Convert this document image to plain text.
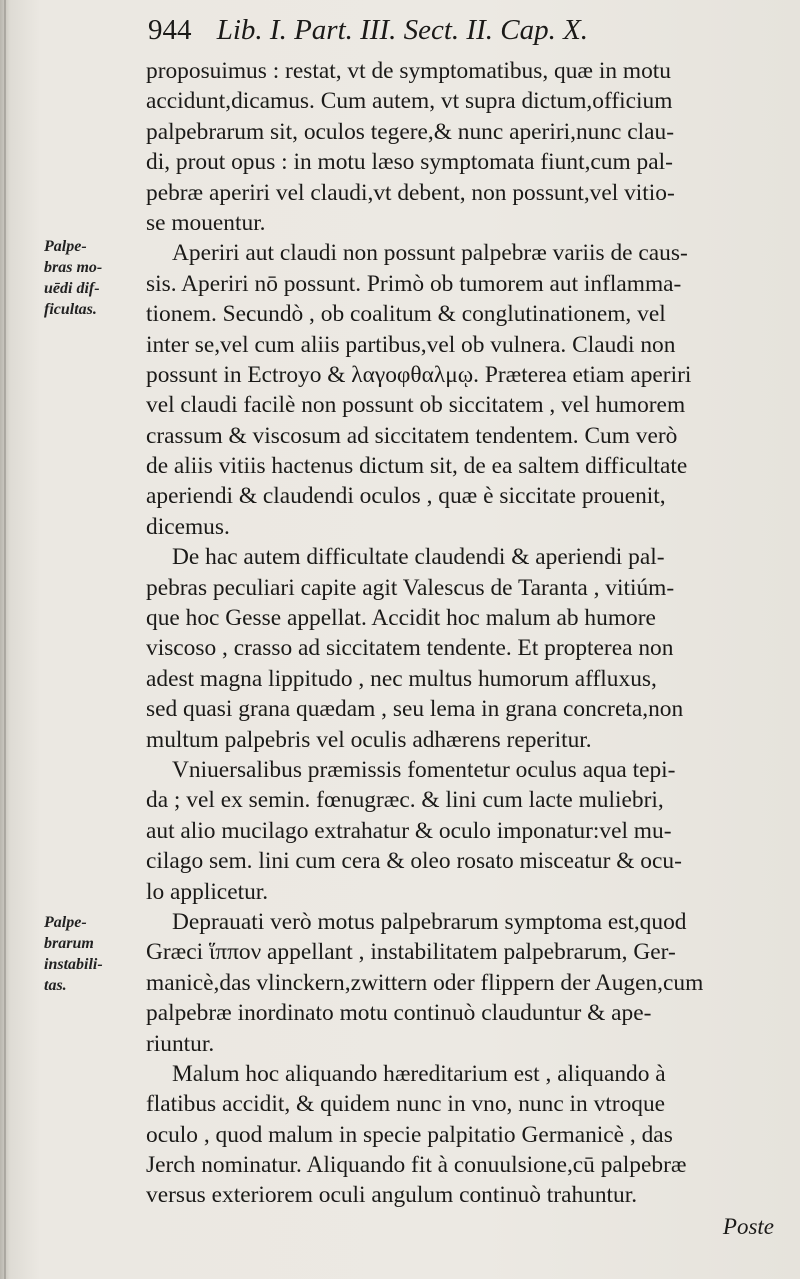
944 Lib. I. Part. III. Sect. II. Cap. X.
Palpe-
bras mo-
uēdi dif-
ficultas.
Palpe-
brarum
instabili-
tas.
proposuimus : restat, vt de symptomatibus, quæ in motu
accidunt,dicamus. Cum autem, vt supra dictum,officium
palpebrarum sit, oculos tegere,& nunc aperiri,nunc clau-
di, prout opus : in motu læso symptomata fiunt,cum pal-
pebræ aperiri vel claudi,vt debent, non possunt,vel vitio-
se mouentur.
Aperiri aut claudi non possunt palpebræ variis de caus-
sis. Aperiri nō possunt. Primò ob tumorem aut inflamma-
tionem. Secundò , ob coalitum & conglutinationem, vel
inter se,vel cum aliis partibus,vel ob vulnera. Claudi non
possunt in Ectroyo & λαγοφθαλμῳ. Præterea etiam aperiri
vel claudi facilè non possunt ob siccitatem , vel humorem
crassum & viscosum ad siccitatem tendentem. Cum verò
de aliis vitiis hactenus dictum sit, de ea saltem difficultate
aperiendi & claudendi oculos , quæ è siccitate prouenit,
dicemus.
De hac autem difficultate claudendi & aperiendi pal-
pebras peculiari capite agit Valescus de Taranta , vitiúm-
que hoc Gesse appellat. Accidit hoc malum ab humore
viscoso , crasso ad siccitatem tendente. Et propterea non
adest magna lippitudo , nec multus humorum affluxus,
sed quasi grana quædam , seu lema in grana concreta,non
multum palpebris vel oculis adhærens reperitur.
Vniuersalibus præmissis fomentetur oculus aqua tepi-
da ; vel ex semin. fœnugræc. & lini cum lacte muliebri,
aut alio mucilago extrahatur & oculo imponatur:vel mu-
cilago sem. lini cum cera & oleo rosato misceatur & ocu-
lo applicetur.
Deprauati verò motus palpebrarum symptoma est,quod
Græci ἵππον appellant , instabilitatem palpebrarum, Ger-
manicè,das vlinckern,zwittern oder flippern der Augen,cum
palpebræ inordinato motu continuò clauduntur & ape-
riuntur.
Malum hoc aliquando hæreditarium est , aliquando à
flatibus accidit, & quidem nunc in vno, nunc in vtroque
oculo , quod malum in specie palpitatio Germanicè , das
Jerch nominatur. Aliquando fit à conuulsione,cū palpebræ
versus exteriorem oculi angulum continuò trahuntur.
Poste
